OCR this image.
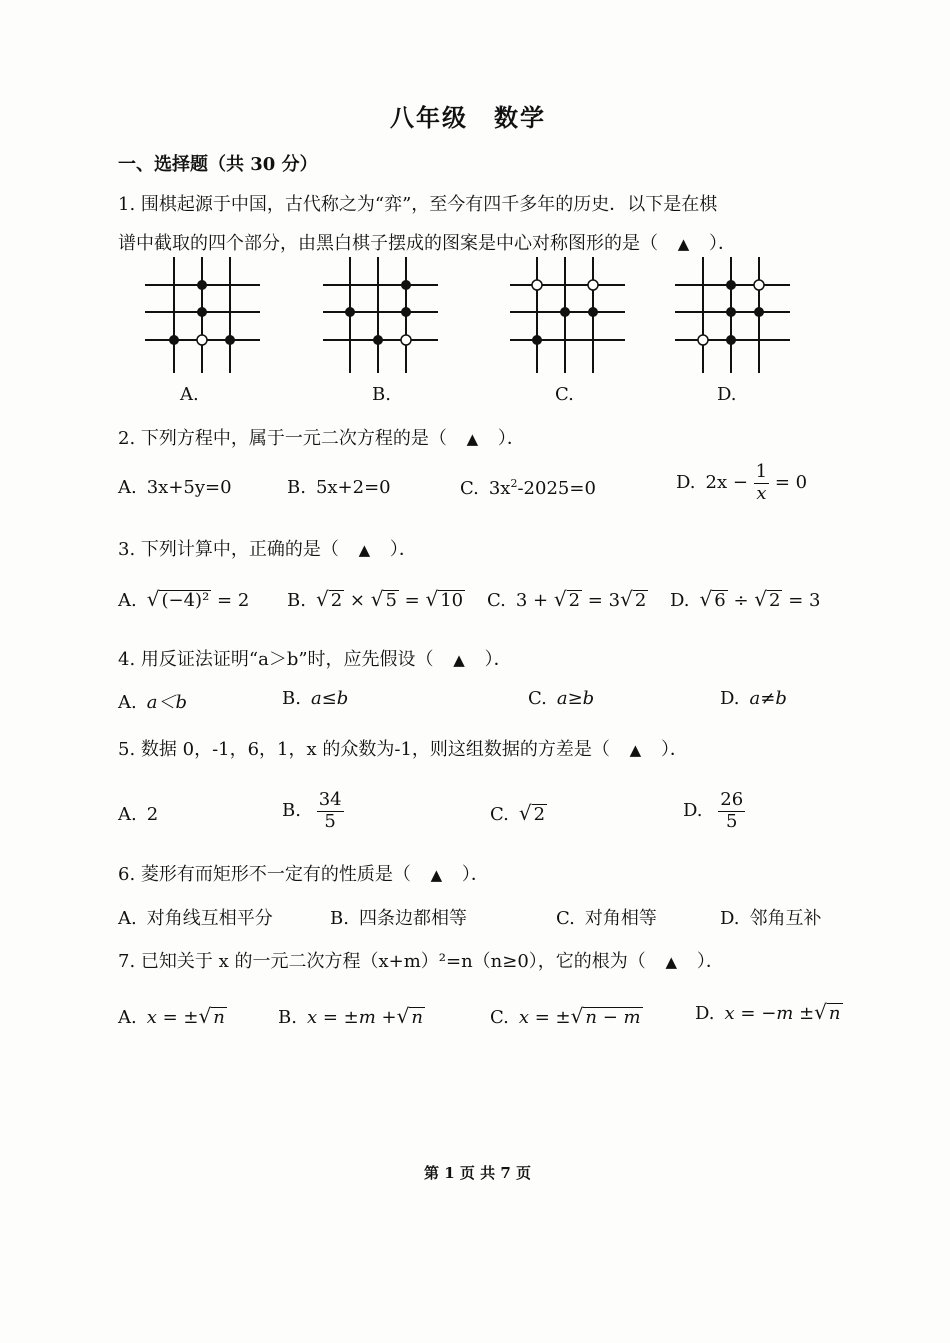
八年级　数学
一、选择题（共 30 分）
1. 围棋起源于中国，古代称之为“弈”，至今有四千多年的历史．以下是在棋
谱中截取的四个部分，由黑白棋子摆成的图案是中心对称图形的是（ ▲ ）．
A.	B.	C.	D.
2. 下列方程中，属于一元二次方程的是（ ▲ ）．
A. 3x+5y=0	B. 5x+2=0	C. $3x^2-2025=0$	D. $2x - \frac{1}{x} = 0$
3. 下列计算中，正确的是（ ▲ ）．
A. √ (−4)² = 2 B. √ 2 × √ 5 = √ 10 C. 3 + √ 2 = 3√ 2 D. √ 6 ÷ √ 2 = 3
4. 用反证法证明“a＞b”时，应先假设（ ▲ ）．
A. a＜b	B. a≤b	C. a≥b	D. a≠b
5. 数据 0，-1，6，1，x 的众数为-1，则这组数据的方差是（ ▲ ）．
A. 2	B. $\frac{34}{5}$	C. √ 2	D. $\frac{26}{5}$
6. 菱形有而矩形不一定有的性质是（ ▲ ）．
A. 对角线互相平分	B. 四条边都相等	C. 对角相等	D. 邻角互补
7. 已知关于 x 的一元二次方程（x+m）²=n（n≥0），它的根为（ ▲ ）．
A. x = ±√ n	B. x = ±m +√ n	C. x = ±√ n − m	D. x = −m ±√ n
第 1 页 共 7 页
